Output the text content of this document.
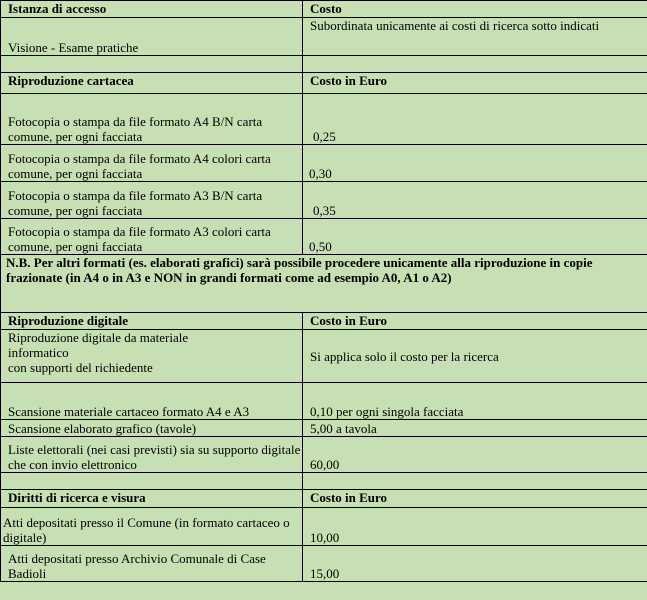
Istanza di accesso	Costo
Visione - Esame pratiche	Subordinata unicamente ai costi di ricerca sotto indicati

Riproduzione cartacea	Costo in Euro
Fotocopia o stampa da file formato A4 B/N carta comune, per ogni facciata	0,25
Fotocopia o stampa da file formato A4 colori carta comune, per ogni facciata	0,30
Fotocopia o stampa da file formato A3 B/N carta comune, per ogni facciata	0,35
Fotocopia o stampa da file formato A3 colori carta comune, per ogni facciata	0,50
N.B. Per altri formati (es. elaborati grafici) sarà possibile procedere unicamente alla riproduzione in copie frazionate (in A4 o in A3 e NON in grandi formati come ad esempio A0, A1 o A2)	
Riproduzione digitale	Costo in Euro

Riproduzione digitale da materiale informatico
con supporti del richiedente	Si applica solo il costo per la ricerca
Scansione materiale cartaceo formato A4 e A3	0,10 per ogni singola facciata
Scansione elaborato grafico (tavole)	5,00 a tavola
Liste elettorali (nei casi previsti) sia su supporto digitale che con invio elettronico	60,00

Diritti di ricerca e visura	Costo in Euro
Atti depositati presso il Comune (in formato cartaceo o digitale)	10,00
Atti depositati presso Archivio Comunale di Case Badioli	15,00
